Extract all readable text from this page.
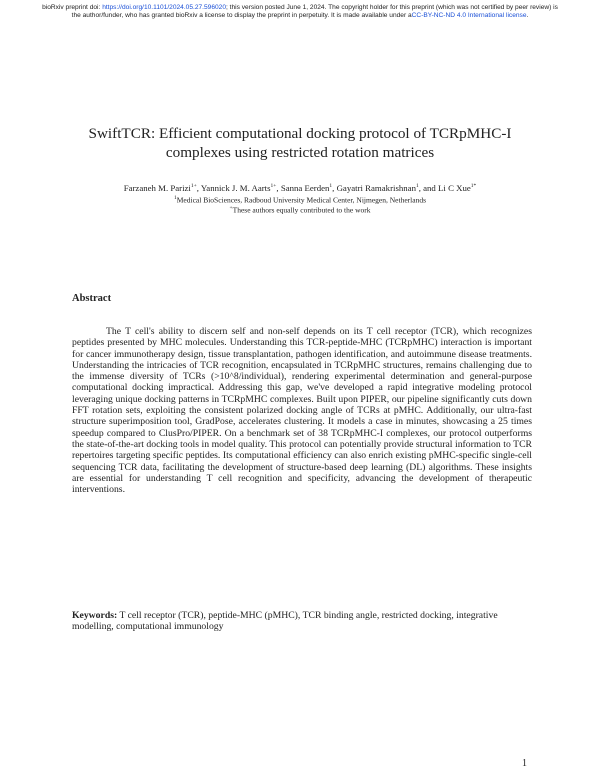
bioRxiv preprint doi: https://doi.org/10.1101/2024.05.27.596020; this version posted June 1, 2024. The copyright holder for this preprint (which was not certified by peer review) is the author/funder, who has granted bioRxiv a license to display the preprint in perpetuity. It is made available under aCC-BY-NC-ND 4.0 International license.
SwiftTCR: Efficient computational docking protocol of TCRpMHC-I
complexes using restricted rotation matrices
Farzaneh M. Parizi$^{1+}$, Yannick J. M. Aarts$^{1+}$, Sanna Eerden$^1$, Gayatri Ramakrishnan$^1$, and Li C Xue$^{1*}$
$^1$Medical BioSciences, Radboud University Medical Center, Nijmegen, Netherlands
+These authors equally contributed to the work
Abstract
The T cell's ability to discern self and non-self depends on its T cell receptor (TCR), which recognizes peptides presented by MHC molecules. Understanding this TCR-peptide-MHC (TCRpMHC) interaction is important for cancer immunotherapy design, tissue transplantation, pathogen identification, and autoimmune disease treatments. Understanding the intricacies of TCR recognition, encapsulated in TCRpMHC structures, remains challenging due to the immense diversity of TCRs (>10^8/individual), rendering experimental determination and general-purpose computational docking impractical. Addressing this gap, we've developed a rapid integrative modeling protocol leveraging unique docking patterns in TCRpMHC complexes. Built upon PIPER, our pipeline significantly cuts down FFT rotation sets, exploiting the consistent polarized docking angle of TCRs at pMHC. Additionally, our ultra-fast structure superimposition tool, GradPose, accelerates clustering. It models a case in minutes, showcasing a 25 times speedup compared to ClusPro/PIPER. On a benchmark set of 38 TCRpMHC-I complexes, our protocol outperforms the state-of-the-art docking tools in model quality. This protocol can potentially provide structural information to TCR repertoires targeting specific peptides. Its computational efficiency can also enrich existing pMHC-specific single-cell sequencing TCR data, facilitating the development of structure-based deep learning (DL) algorithms. These insights are essential for understanding T cell recognition and specificity, advancing the development of therapeutic interventions.
Keywords: T cell receptor (TCR), peptide-MHC (pMHC), TCR binding angle, restricted docking, integrative modelling, computational immunology
1
